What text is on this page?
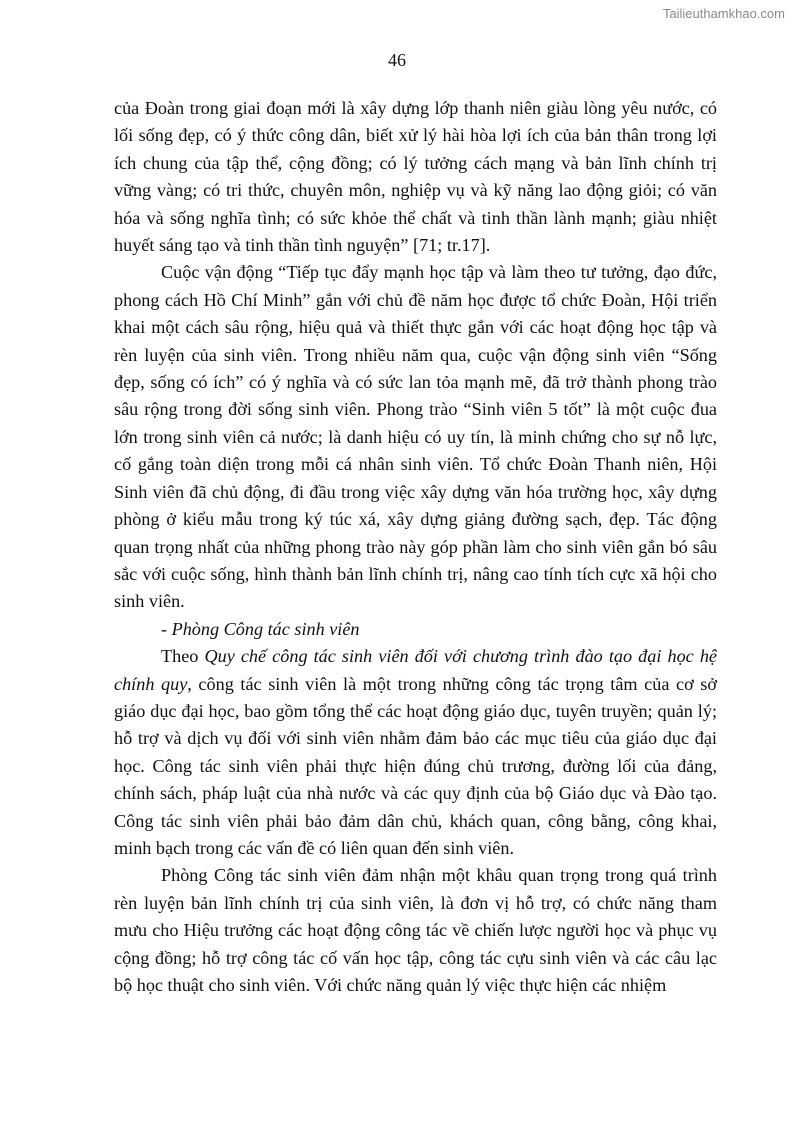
Tailieuthamkhao.com
46

của Đoàn trong giai đoạn mới là xây dựng lớp thanh niên giàu lòng yêu nước, có lối sống đẹp, có ý thức công dân, biết xử lý hài hòa lợi ích của bản thân trong lợi ích chung của tập thể, cộng đồng; có lý tưởng cách mạng và bản lĩnh chính trị vững vàng; có tri thức, chuyên môn, nghiệp vụ và kỹ năng lao động giỏi; có văn hóa và sống nghĩa tình; có sức khỏe thể chất và tinh thần lành mạnh; giàu nhiệt huyết sáng tạo và tinh thần tình nguyện” [71; tr.17].

Cuộc vận động “Tiếp tục đẩy mạnh học tập và làm theo tư tưởng, đạo đức, phong cách Hồ Chí Minh” gắn với chủ đề năm học được tổ chức Đoàn, Hội triển khai một cách sâu rộng, hiệu quả và thiết thực gắn với các hoạt động học tập và rèn luyện của sinh viên. Trong nhiều năm qua, cuộc vận động sinh viên “Sống đẹp, sống có ích” có ý nghĩa và có sức lan tỏa mạnh mẽ, đã trở thành phong trào sâu rộng trong đời sống sinh viên. Phong trào “Sinh viên 5 tốt” là một cuộc đua lớn trong sinh viên cả nước; là danh hiệu có uy tín, là minh chứng cho sự nỗ lực, cố gắng toàn diện trong mỗi cá nhân sinh viên. Tổ chức Đoàn Thanh niên, Hội Sinh viên đã chủ động, đi đầu trong việc xây dựng văn hóa trường học, xây dựng phòng ở kiểu mẫu trong ký túc xá, xây dựng giảng đường sạch, đẹp. Tác động quan trọng nhất của những phong trào này góp phần làm cho sinh viên gắn bó sâu sắc với cuộc sống, hình thành bản lĩnh chính trị, nâng cao tính tích cực xã hội cho sinh viên.

- Phòng Công tác sinh viên

Theo Quy chế công tác sinh viên đối với chương trình đào tạo đại học hệ chính quy, công tác sinh viên là một trong những công tác trọng tâm của cơ sở giáo dục đại học, bao gồm tổng thể các hoạt động giáo dục, tuyên truyền; quản lý; hỗ trợ và dịch vụ đối với sinh viên nhằm đảm bảo các mục tiêu của giáo dục đại học. Công tác sinh viên phải thực hiện đúng chủ trương, đường lối của đảng, chính sách, pháp luật của nhà nước và các quy định của bộ Giáo dục và Đào tạo. Công tác sinh viên phải bảo đảm dân chủ, khách quan, công bằng, công khai, minh bạch trong các vấn đề có liên quan đến sinh viên.

Phòng Công tác sinh viên đảm nhận một khâu quan trọng trong quá trình rèn luyện bản lĩnh chính trị của sinh viên, là đơn vị hỗ trợ, có chức năng tham mưu cho Hiệu trưởng các hoạt động công tác về chiến lược người học và phục vụ cộng đồng; hỗ trợ công tác cố vấn học tập, công tác cựu sinh viên và các câu lạc bộ học thuật cho sinh viên. Với chức năng quản lý việc thực hiện các nhiệm
